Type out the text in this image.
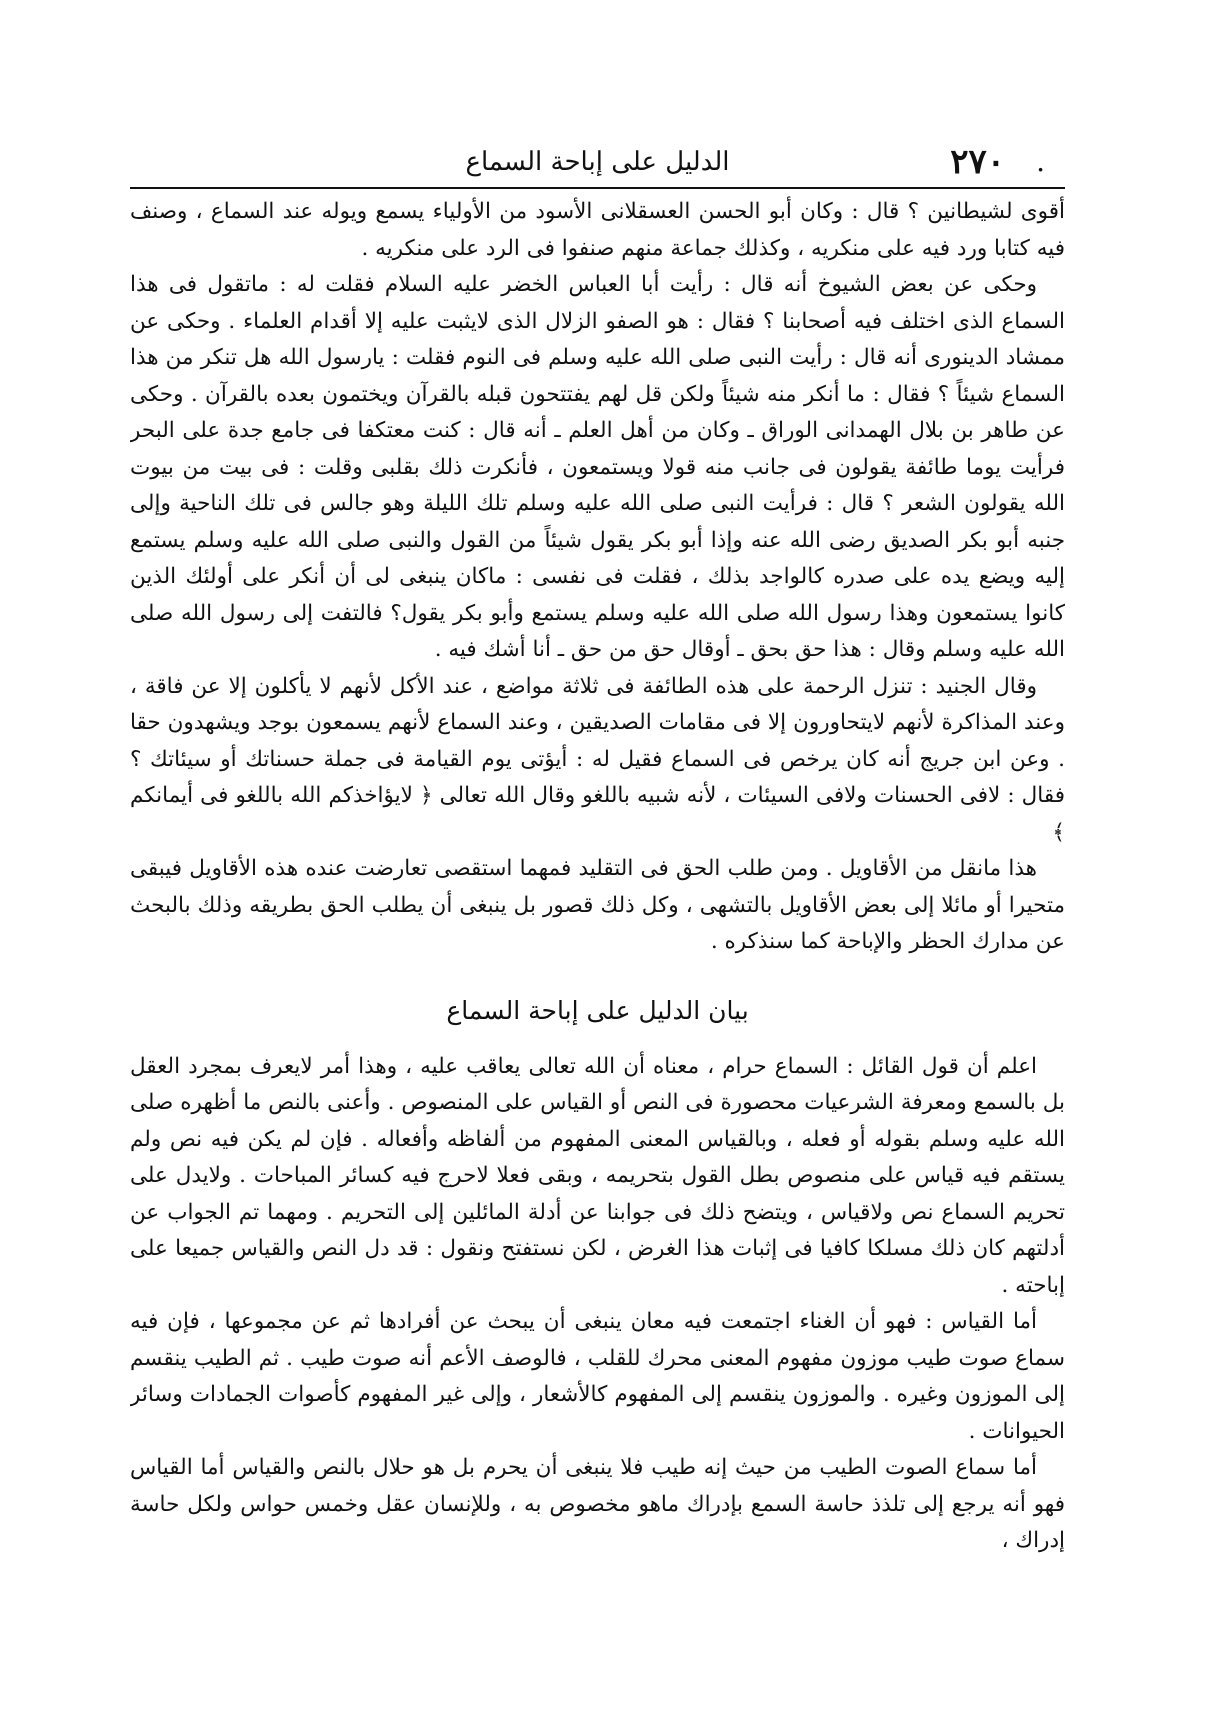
.
٢٧٠
الدليل على إباحة السماع

أقوى لشيطانين ؟ قال : وكان أبو الحسن العسقلانى الأسود من الأولياء يسمع ويوله عند السماع ، وصنف فيه كتابا ورد فيه على منكريه ، وكذلك جماعة منهم صنفوا فى الرد على منكريه .

وحكى عن بعض الشيوخ أنه قال : رأيت أبا العباس الخضر عليه السلام فقلت له : ماتقول فى هذا السماع الذى اختلف فيه أصحابنا ؟ فقال : هو الصفو الزلال الذى لايثبت عليه إلا أقدام العلماء . وحكى عن ممشاد الدينورى أنه قال : رأيت النبى صلى الله عليه وسلم فى النوم فقلت : يارسول الله هل تنكر من هذا السماع شيئاً ؟ فقال : ما أنكر منه شيئاً ولكن قل لهم يفتتحون قبله بالقرآن ويختمون بعده بالقرآن . وحكى عن طاهر بن بلال الهمدانى الوراق ـ وكان من أهل العلم ـ أنه قال : كنت معتكفا فى جامع جدة على البحر فرأيت يوما طائفة يقولون فى جانب منه قولا ويستمعون ، فأنكرت ذلك بقلبى وقلت : فى بيت من بيوت الله يقولون الشعر ؟ قال : فرأيت النبى صلى الله عليه وسلم تلك الليلة وهو جالس فى تلك الناحية وإلى جنبه أبو بكر الصديق رضى الله عنه وإذا أبو بكر يقول شيئاً من القول والنبى صلى الله عليه وسلم يستمع إليه ويضع يده على صدره كالواجد بذلك ، فقلت فى نفسى : ماكان ينبغى لى أن أنكر على أولئك الذين كانوا يستمعون وهذا رسول الله صلى الله عليه وسلم يستمع وأبو بكر يقول؟ فالتفت إلى رسول الله صلى الله عليه وسلم وقال : هذا حق بحق ـ أوقال حق من حق ـ أنا أشك فيه .

وقال الجنيد : تنزل الرحمة على هذه الطائفة فى ثلاثة مواضع ، عند الأكل لأنهم لا يأكلون إلا عن فاقة ، وعند المذاكرة لأنهم لايتحاورون إلا فى مقامات الصديقين ، وعند السماع لأنهم يسمعون بوجد ويشهدون حقا . وعن ابن جريج أنه كان يرخص فى السماع فقيل له : أيؤتى يوم القيامة فى جملة حسناتك أو سيئاتك ؟ فقال : لافى الحسنات ولافى السيئات ، لأنه شبيه باللغو وقال الله تعالى ﴿ لايؤاخذكم الله باللغو فى أيمانكم ﴾

هذا مانقل من الأقاويل . ومن طلب الحق فى التقليد فمهما استقصى تعارضت عنده هذه الأقاويل فيبقى متحيرا أو مائلا إلى بعض الأقاويل بالتشهى ، وكل ذلك قصور بل ينبغى أن يطلب الحق بطريقه وذلك بالبحث عن مدارك الحظر والإباحة كما سنذكره .

بيان الدليل على إباحة السماع

اعلم أن قول القائل : السماع حرام ، معناه أن الله تعالى يعاقب عليه ، وهذا أمر لايعرف بمجرد العقل بل بالسمع ومعرفة الشرعيات محصورة فى النص أو القياس على المنصوص . وأعنى بالنص ما أظهره صلى الله عليه وسلم بقوله أو فعله ، وبالقياس المعنى المفهوم من ألفاظه وأفعاله . فإن لم يكن فيه نص ولم يستقم فيه قياس على منصوص بطل القول بتحريمه ، وبقى فعلا لاحرج فيه كسائر المباحات . ولايدل على تحريم السماع نص ولاقياس ، ويتضح ذلك فى جوابنا عن أدلة المائلين إلى التحريم . ومهما تم الجواب عن أدلتهم كان ذلك مسلكا كافيا فى إثبات هذا الغرض ، لكن نستفتح ونقول : قد دل النص والقياس جميعا على إباحته .

أما القياس : فهو أن الغناء اجتمعت فيه معان ينبغى أن يبحث عن أفرادها ثم عن مجموعها ، فإن فيه سماع صوت طيب موزون مفهوم المعنى محرك للقلب ، فالوصف الأعم أنه صوت طيب . ثم الطيب ينقسم إلى الموزون وغيره . والموزون ينقسم إلى المفهوم كالأشعار ، وإلى غير المفهوم كأصوات الجمادات وسائر الحيوانات .

أما سماع الصوت الطيب من حيث إنه طيب فلا ينبغى أن يحرم بل هو حلال بالنص والقياس أما القياس فهو أنه يرجع إلى تلذذ حاسة السمع بإدراك ماهو مخصوص به ، وللإنسان عقل وخمس حواس ولكل حاسة إدراك ،
